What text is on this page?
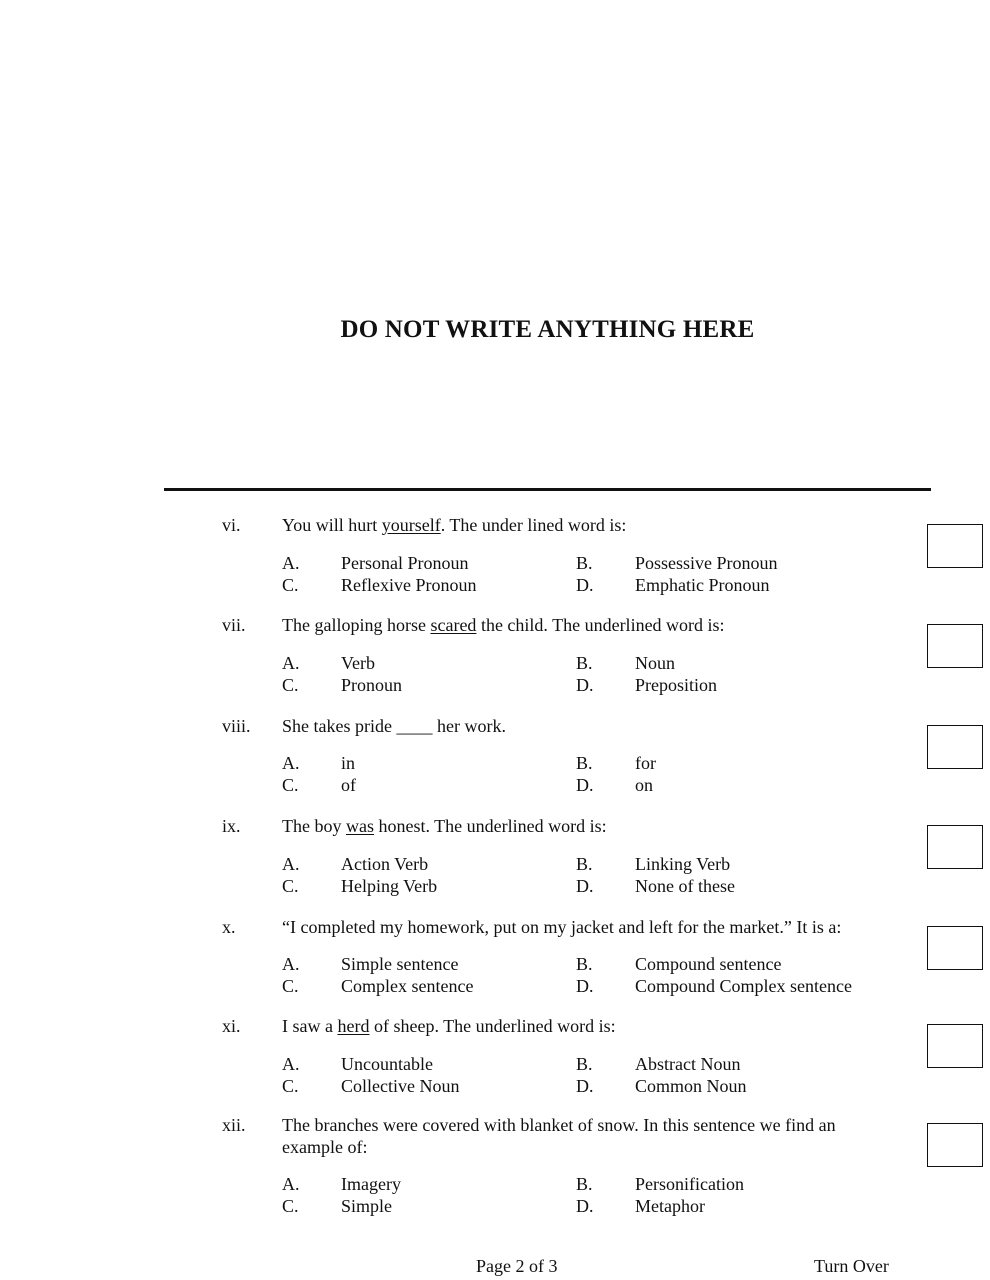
DO NOT WRITE ANYTHING HERE
vi. You will hurt yourself. The under lined word is:
A. Personal Pronoun	B. Possessive Pronoun
C. Reflexive Pronoun	D. Emphatic Pronoun
vii. The galloping horse scared the child. The underlined word is:
A. Verb	B. Noun
C. Pronoun	D. Preposition
viii. She takes pride ____ her work.
A. in	B. for
C. of	D. on
ix. The boy was honest. The underlined word is:
A. Action Verb	B. Linking Verb
C. Helping Verb	D. None of these
x.	“I completed my homework, put on my jacket and left for the market.” It is a:
A. Simple sentence	B. Compound sentence
C. Complex sentence	D. Compound Complex sentence
xi. I saw a herd of sheep. The underlined word is:
A. Uncountable	B. Abstract Noun
C. Collective Noun	D. Common Noun
xii. The branches were covered with blanket of snow. In this sentence we find an example of:
A. Imagery	B. Personification
C. Simple	D. Metaphor
Page 2 of 3	Turn Over
